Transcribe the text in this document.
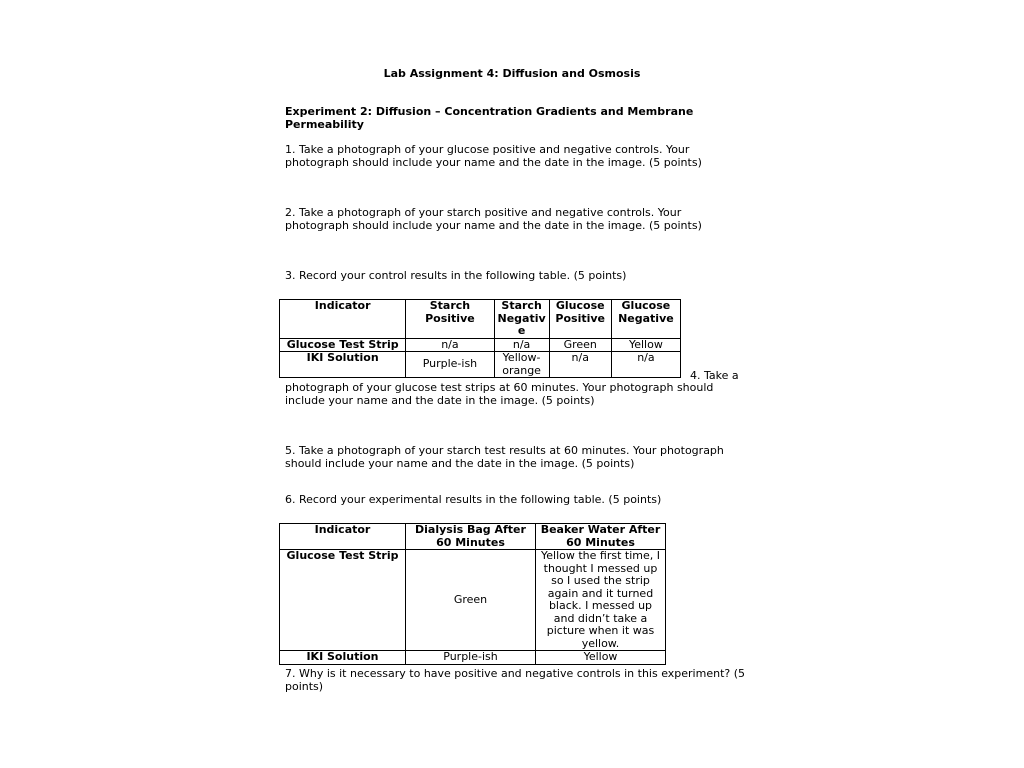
Lab Assignment 4: Diffusion and Osmosis
Experiment 2: Diffusion – Concentration Gradients and Membrane Permeability
1. Take a photograph of your glucose positive and negative controls. Your photograph should include your name and the date in the image. (5 points)
2. Take a photograph of your starch positive and negative controls. Your photograph should include your name and the date in the image. (5 points)
3. Record your control results in the following table. (5 points)
Indicator	Starch Positive	Starch Negativ e	Glucose Positive	Glucose Negative
Glucose Test Strip	n/a	n/a	Green	Yellow
IKI Solution	Purple-ish	Yellow-orange	n/a	n/a
4. Take a
photograph of your glucose test strips at 60 minutes. Your photograph should include your name and the date in the image. (5 points)
5. Take a photograph of your starch test results at 60 minutes. Your photograph should include your name and the date in the image. (5 points)
6. Record your experimental results in the following table. (5 points)
Indicator	Dialysis Bag After 60 Minutes	Beaker Water After 60 Minutes
Glucose Test Strip	Green	Yellow the first time, I thought I messed up so I used the strip again and it turned black. I messed up and didn’t take a picture when it was yellow.
IKI Solution	Purple-ish	Yellow
7. Why is it necessary to have positive and negative controls in this experiment? (5 points)
